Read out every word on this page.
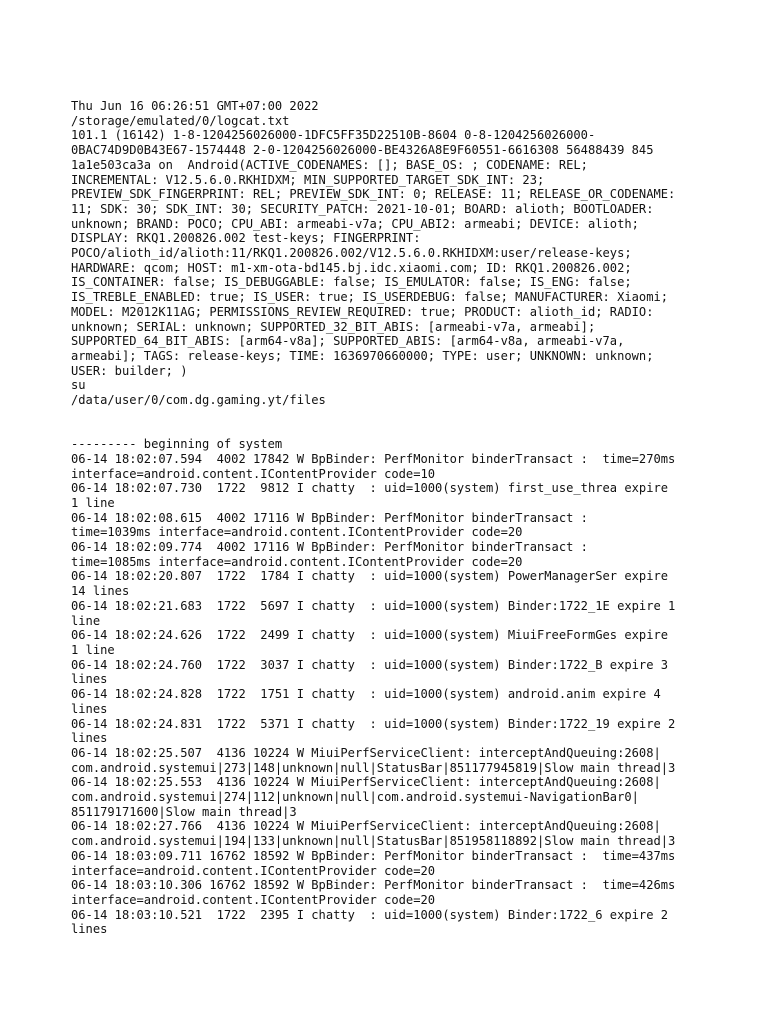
Thu Jun 16 06:26:51 GMT+07:00 2022
/storage/emulated/0/logcat.txt
101.1 (16142) 1-8-1204256026000-1DFC5FF35D22510B-8604 0-8-1204256026000-
0BAC74D9D0B43E67-1574448 2-0-1204256026000-BE4326A8E9F60551-6616308 56488439 845
1a1e503ca3a on  Android(ACTIVE_CODENAMES: []; BASE_OS: ; CODENAME: REL;
INCREMENTAL: V12.5.6.0.RKHIDXM; MIN_SUPPORTED_TARGET_SDK_INT: 23;
PREVIEW_SDK_FINGERPRINT: REL; PREVIEW_SDK_INT: 0; RELEASE: 11; RELEASE_OR_CODENAME:
11; SDK: 30; SDK_INT: 30; SECURITY_PATCH: 2021-10-01; BOARD: alioth; BOOTLOADER:
unknown; BRAND: POCO; CPU_ABI: armeabi-v7a; CPU_ABI2: armeabi; DEVICE: alioth;
DISPLAY: RKQ1.200826.002 test-keys; FINGERPRINT:
POCO/alioth_id/alioth:11/RKQ1.200826.002/V12.5.6.0.RKHIDXM:user/release-keys;
HARDWARE: qcom; HOST: m1-xm-ota-bd145.bj.idc.xiaomi.com; ID: RKQ1.200826.002;
IS_CONTAINER: false; IS_DEBUGGABLE: false; IS_EMULATOR: false; IS_ENG: false;
IS_TREBLE_ENABLED: true; IS_USER: true; IS_USERDEBUG: false; MANUFACTURER: Xiaomi;
MODEL: M2012K11AG; PERMISSIONS_REVIEW_REQUIRED: true; PRODUCT: alioth_id; RADIO:
unknown; SERIAL: unknown; SUPPORTED_32_BIT_ABIS: [armeabi-v7a, armeabi];
SUPPORTED_64_BIT_ABIS: [arm64-v8a]; SUPPORTED_ABIS: [arm64-v8a, armeabi-v7a,
armeabi]; TAGS: release-keys; TIME: 1636970660000; TYPE: user; UNKNOWN: unknown;
USER: builder; )
su
/data/user/0/com.dg.gaming.yt/files
--------- beginning of system
06-14 18:02:07.594  4002 17842 W BpBinder: PerfMonitor binderTransact :  time=270ms
interface=android.content.IContentProvider code=10
06-14 18:02:07.730  1722  9812 I chatty  : uid=1000(system) first_use_threa expire
1 line
06-14 18:02:08.615  4002 17116 W BpBinder: PerfMonitor binderTransact :
time=1039ms interface=android.content.IContentProvider code=20
06-14 18:02:09.774  4002 17116 W BpBinder: PerfMonitor binderTransact :
time=1085ms interface=android.content.IContentProvider code=20
06-14 18:02:20.807  1722  1784 I chatty  : uid=1000(system) PowerManagerSer expire
14 lines
06-14 18:02:21.683  1722  5697 I chatty  : uid=1000(system) Binder:1722_1E expire 1
line
06-14 18:02:24.626  1722  2499 I chatty  : uid=1000(system) MiuiFreeFormGes expire
1 line
06-14 18:02:24.760  1722  3037 I chatty  : uid=1000(system) Binder:1722_B expire 3
lines
06-14 18:02:24.828  1722  1751 I chatty  : uid=1000(system) android.anim expire 4
lines
06-14 18:02:24.831  1722  5371 I chatty  : uid=1000(system) Binder:1722_19 expire 2
lines
06-14 18:02:25.507  4136 10224 W MiuiPerfServiceClient: interceptAndQueuing:2608|
com.android.systemui|273|148|unknown|null|StatusBar|851177945819|Slow main thread|3
06-14 18:02:25.553  4136 10224 W MiuiPerfServiceClient: interceptAndQueuing:2608|
com.android.systemui|274|112|unknown|null|com.android.systemui-NavigationBar0|
851179171600|Slow main thread|3
06-14 18:02:27.766  4136 10224 W MiuiPerfServiceClient: interceptAndQueuing:2608|
com.android.systemui|194|133|unknown|null|StatusBar|851958118892|Slow main thread|3
06-14 18:03:09.711 16762 18592 W BpBinder: PerfMonitor binderTransact :  time=437ms
interface=android.content.IContentProvider code=20
06-14 18:03:10.306 16762 18592 W BpBinder: PerfMonitor binderTransact :  time=426ms
interface=android.content.IContentProvider code=20
06-14 18:03:10.521  1722  2395 I chatty  : uid=1000(system) Binder:1722_6 expire 2
lines
